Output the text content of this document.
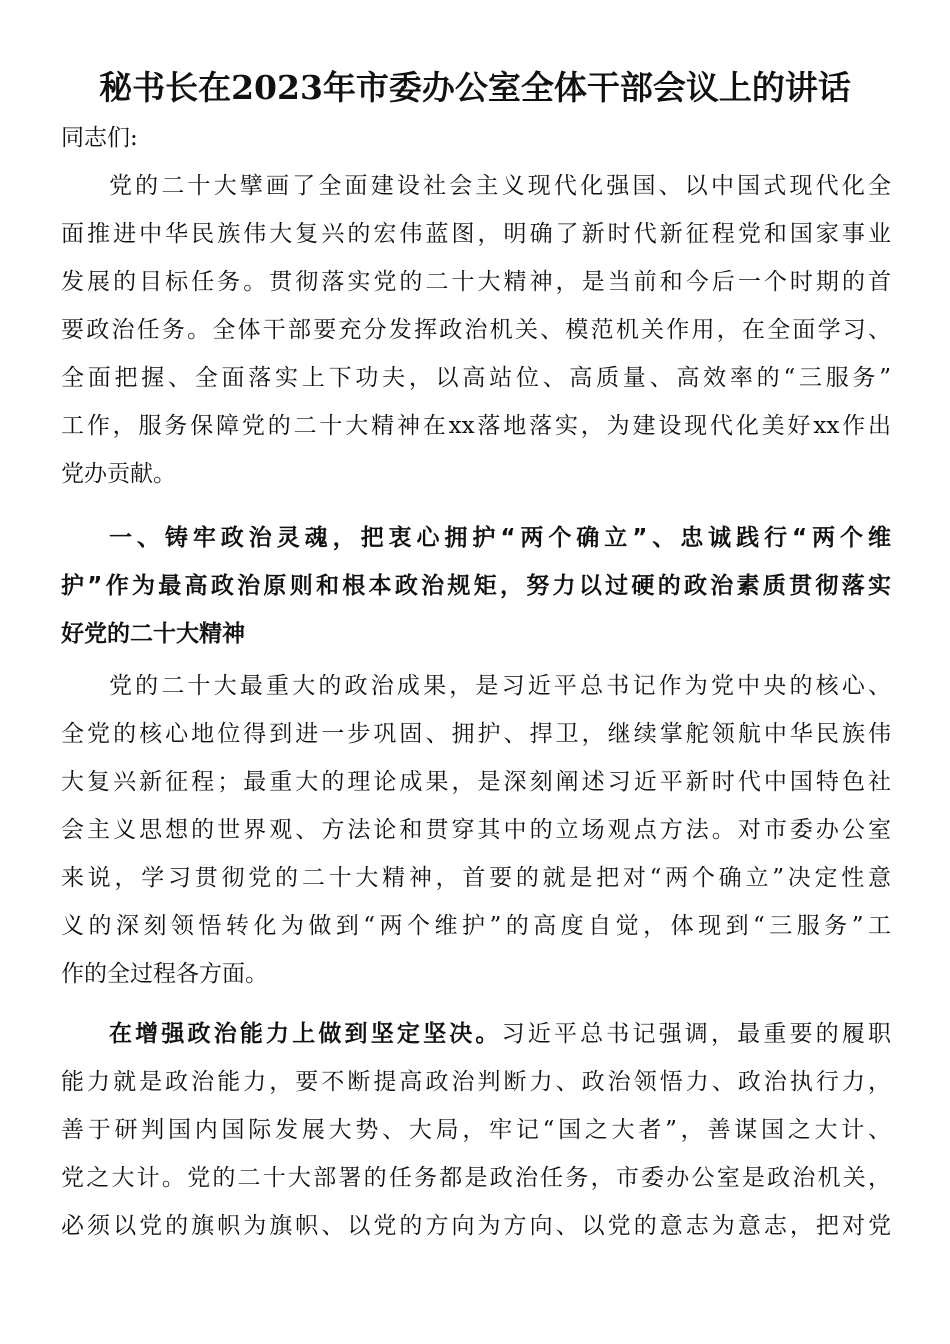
秘书长在2023年市委办公室全体干部会议上的讲话
同志们:
党的二十大擘画了全面建设社会主义现代化强国、以中国式现代化全
面推进中华民族伟大复兴的宏伟蓝图，明确了新时代新征程党和国家事业
发展的目标任务。贯彻落实党的二十大精神，是当前和今后一个时期的首
要政治任务。全体干部要充分发挥政治机关、模范机关作用，在全面学习、
全面把握、全面落实上下功夫，以高站位、高质量、高效率的“三服务”
工作，服务保障党的二十大精神在xx落地落实，为建设现代化美好xx作出
党办贡献。
一、铸牢政治灵魂，把衷心拥护“两个确立”、忠诚践行“两个维
护”作为最高政治原则和根本政治规矩，努力以过硬的政治素质贯彻落实
好党的二十大精神
党的二十大最重大的政治成果，是习近平总书记作为党中央的核心、
全党的核心地位得到进一步巩固、拥护、捍卫，继续掌舵领航中华民族伟
大复兴新征程；最重大的理论成果，是深刻阐述习近平新时代中国特色社
会主义思想的世界观、方法论和贯穿其中的立场观点方法。对市委办公室
来说，学习贯彻党的二十大精神，首要的就是把对“两个确立”决定性意
义的深刻领悟转化为做到“两个维护”的高度自觉，体现到“三服务”工
作的全过程各方面。
在增强政治能力上做到坚定坚决。习近平总书记强调，最重要的履职
能力就是政治能力，要不断提高政治判断力、政治领悟力、政治执行力，
善于研判国内国际发展大势、大局，牢记“国之大者”，善谋国之大计、
党之大计。党的二十大部署的任务都是政治任务，市委办公室是政治机关，
必须以党的旗帜为旗帜、以党的方向为方向、以党的意志为意志，把对党
